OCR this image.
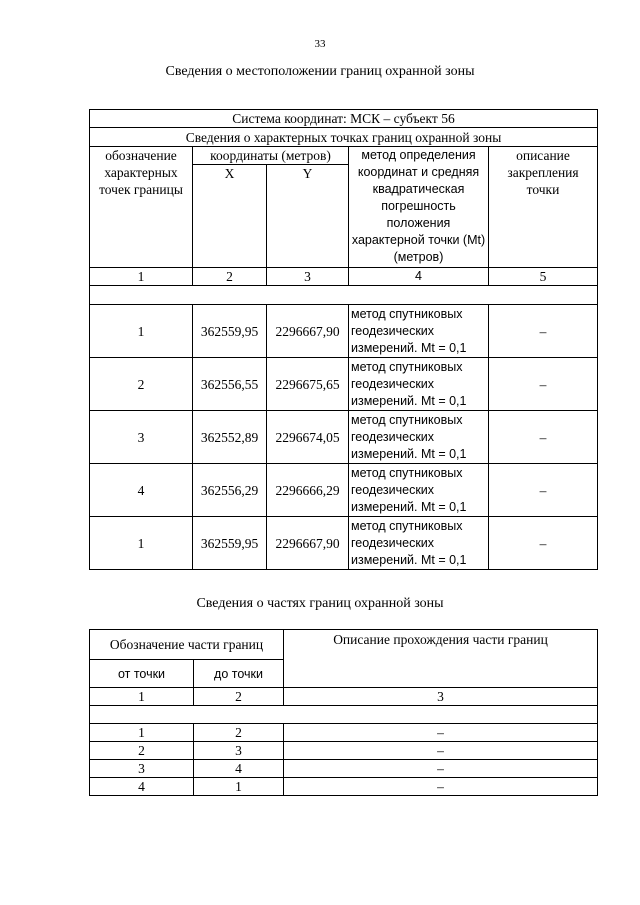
33
Сведения о местоположении границ охранной зоны
Система координат: МСК – субъект 56				
Сведения о характерных точках границ охранной зоны				
обозначение характерных точек границы	координаты (метров)		метод определения координат и средняя квадратическая погрешность положения характерной точки (Mt) (метров)	описание закрепления точки
	X	Y		
1	2	3	4	5

1	362559,95	2296667,90	метод спутниковых геодезических измерений. Mt = 0,1	–
2	362556,55	2296675,65	метод спутниковых геодезических измерений. Mt = 0,1	–
3	362552,89	2296674,05	метод спутниковых геодезических измерений. Mt = 0,1	–
4	362556,29	2296666,29	метод спутниковых геодезических измерений. Mt = 0,1	–
1	362559,95	2296667,90	метод спутниковых геодезических измерений. Mt = 0,1	–
Сведения о частях границ охранной зоны
Обозначение части границ		Описание прохождения части границ
от точки	до точки	
1	2	3

1	2	–
2	3	–
3	4	–
4	1	–
